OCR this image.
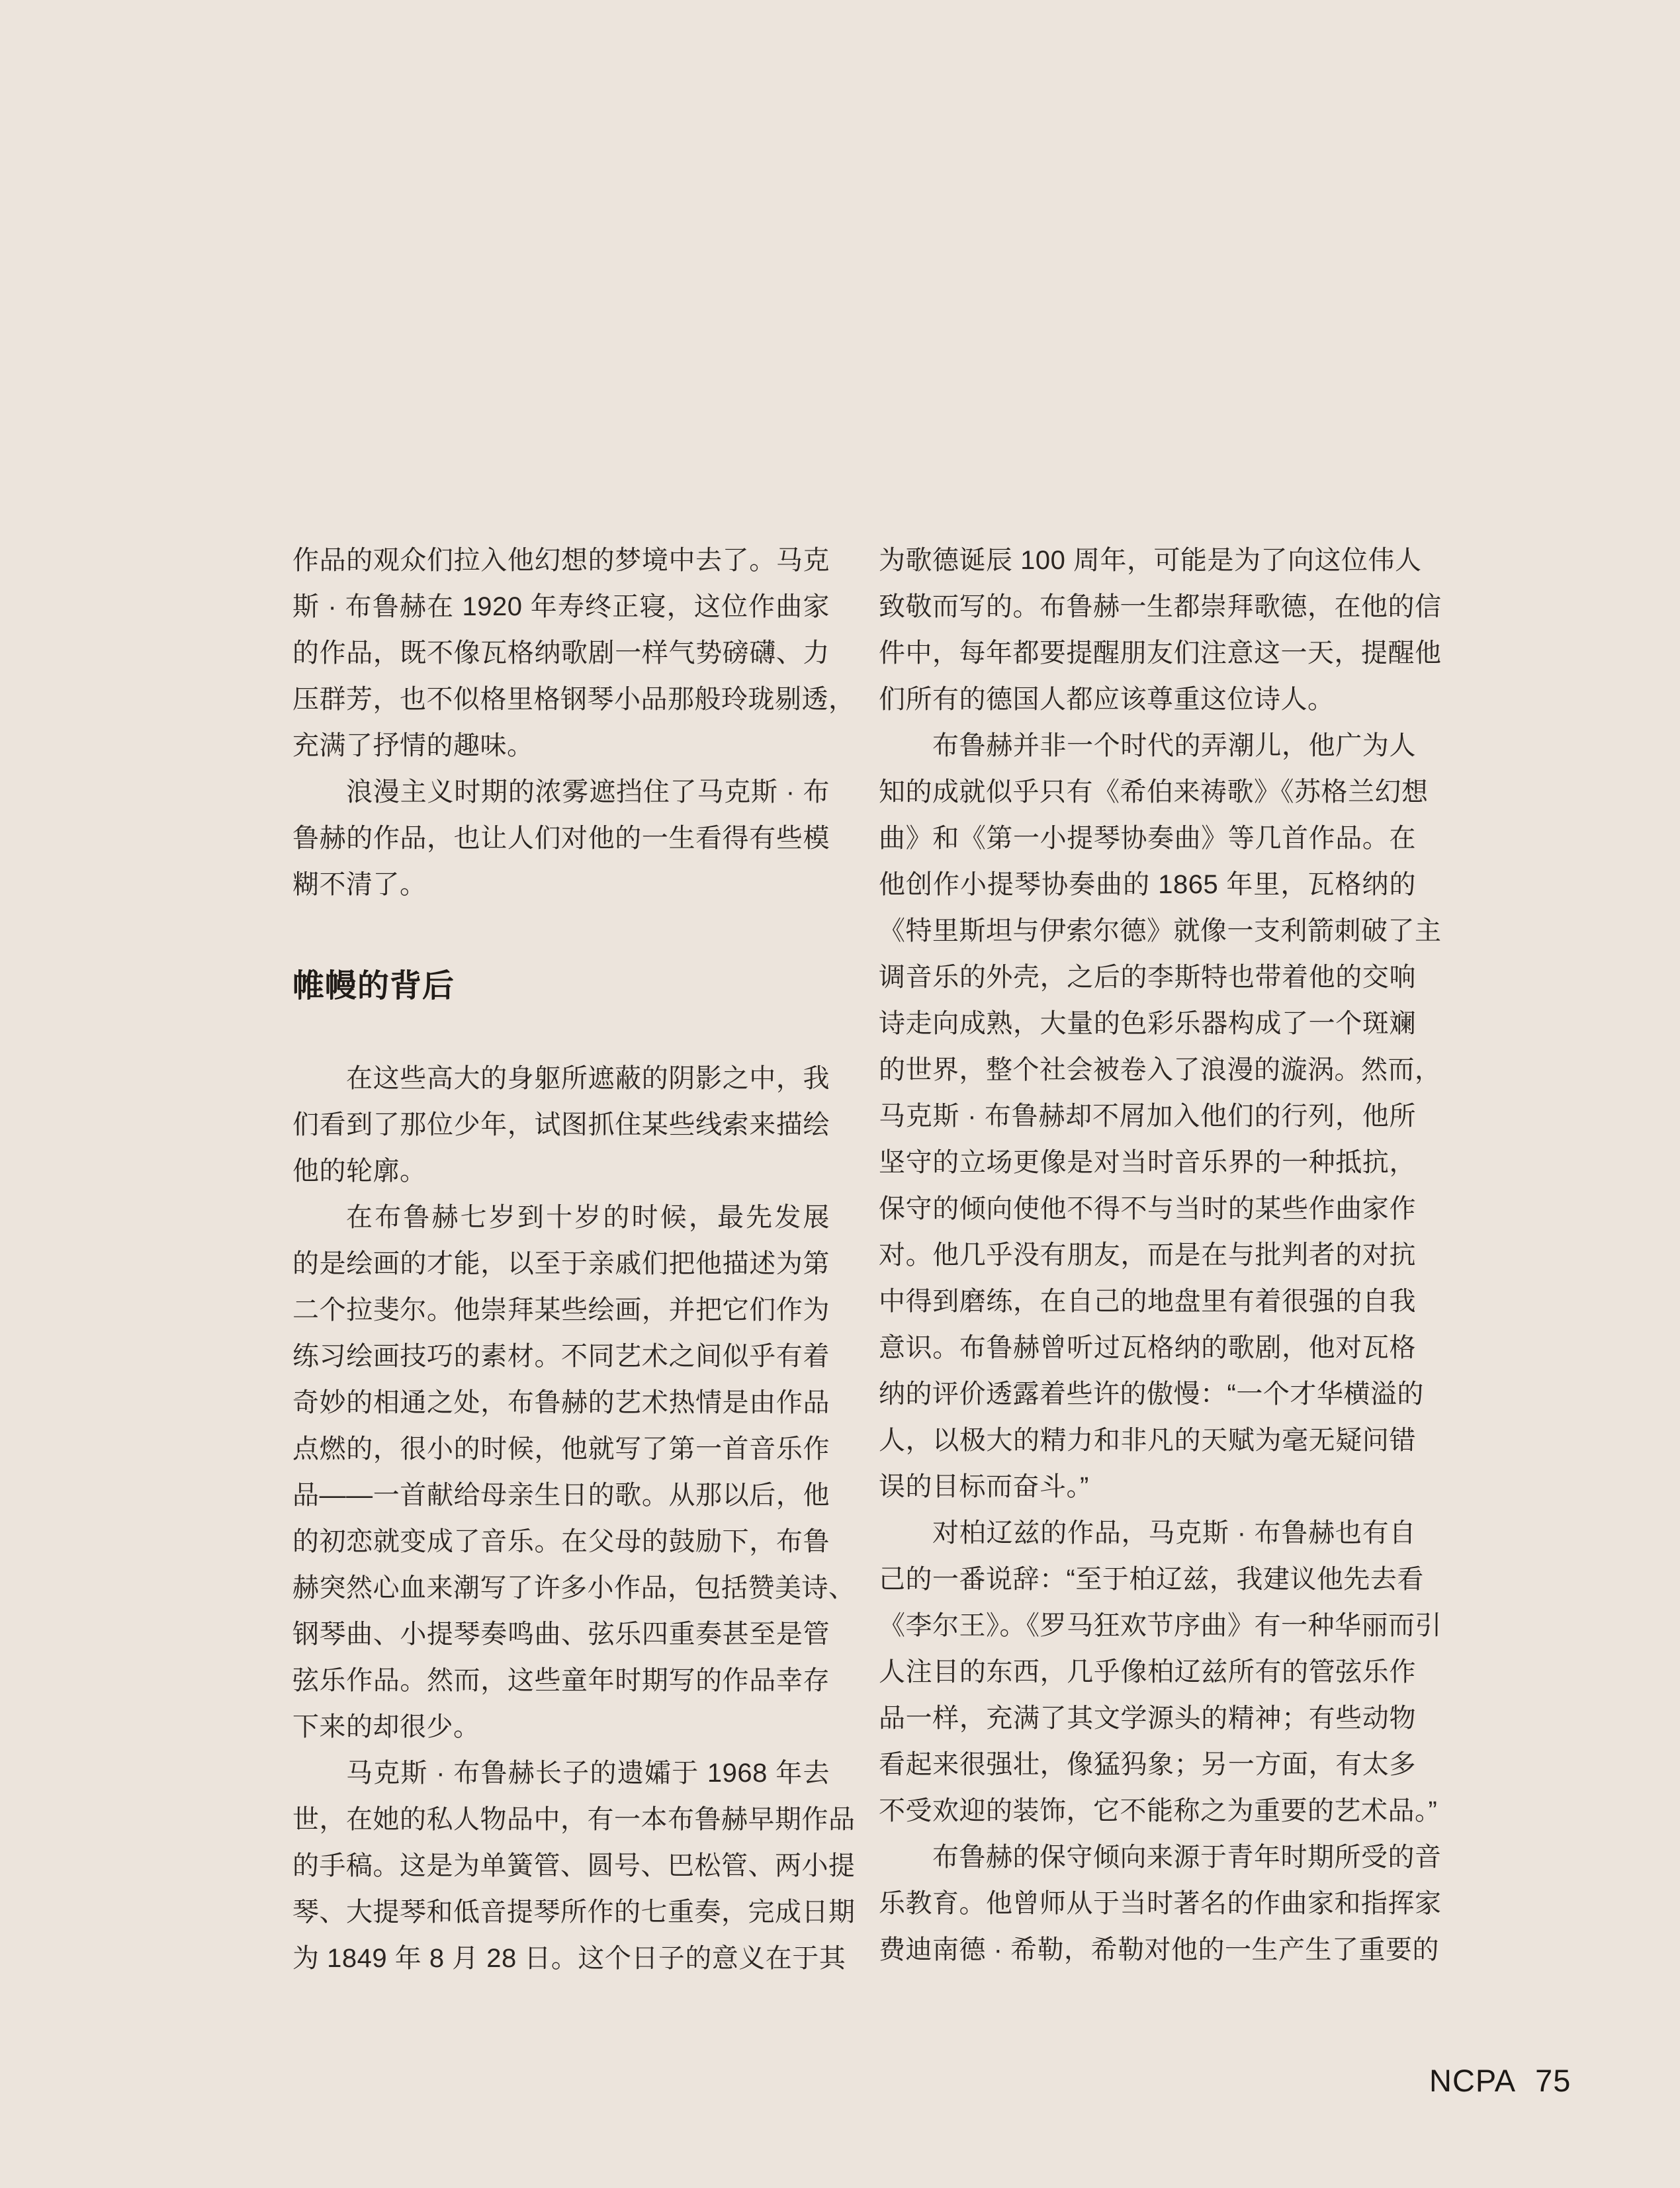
作品的观众们拉入他幻想的梦境中去了。马克
斯 · 布鲁赫在 1920 年寿终正寝，这位作曲家
的作品，既不像瓦格纳歌剧一样气势磅礴、力
压群芳，也不似格里格钢琴小品那般玲珑剔透，
充满了抒情的趣味。
浪漫主义时期的浓雾遮挡住了马克斯 · 布
鲁赫的作品，也让人们对他的一生看得有些模
糊不清了。
帷幔的背后
在这些高大的身躯所遮蔽的阴影之中，我
们看到了那位少年，试图抓住某些线索来描绘
他的轮廓。
在布鲁赫七岁到十岁的时候，最先发展
的是绘画的才能，以至于亲戚们把他描述为第
二个拉斐尔。他崇拜某些绘画，并把它们作为
练习绘画技巧的素材。不同艺术之间似乎有着
奇妙的相通之处，布鲁赫的艺术热情是由作品
点燃的，很小的时候，他就写了第一首音乐作
品——一首献给母亲生日的歌。从那以后，他
的初恋就变成了音乐。在父母的鼓励下，布鲁
赫突然心血来潮写了许多小作品，包括赞美诗、
钢琴曲、小提琴奏鸣曲、弦乐四重奏甚至是管
弦乐作品。然而，这些童年时期写的作品幸存
下来的却很少。
马克斯 · 布鲁赫长子的遗孀于 1968 年去
世，在她的私人物品中，有一本布鲁赫早期作品
的手稿。这是为单簧管、圆号、巴松管、两小提
琴、大提琴和低音提琴所作的七重奏，完成日期
为 1849 年 8 月 28 日。这个日子的意义在于其
为歌德诞辰 100 周年，可能是为了向这位伟人
致敬而写的。布鲁赫一生都崇拜歌德，在他的信
件中，每年都要提醒朋友们注意这一天，提醒他
们所有的德国人都应该尊重这位诗人。
布鲁赫并非一个时代的弄潮儿，他广为人
知的成就似乎只有《希伯来祷歌》《苏格兰幻想
曲》和《第一小提琴协奏曲》等几首作品。在
他创作小提琴协奏曲的 1865 年里，瓦格纳的
《特里斯坦与伊索尔德》就像一支利箭刺破了主
调音乐的外壳，之后的李斯特也带着他的交响
诗走向成熟，大量的色彩乐器构成了一个斑斓
的世界，整个社会被卷入了浪漫的漩涡。然而，
马克斯 · 布鲁赫却不屑加入他们的行列，他所
坚守的立场更像是对当时音乐界的一种抵抗，
保守的倾向使他不得不与当时的某些作曲家作
对。他几乎没有朋友，而是在与批判者的对抗
中得到磨练，在自己的地盘里有着很强的自我
意识。布鲁赫曾听过瓦格纳的歌剧，他对瓦格
纳的评价透露着些许的傲慢：“一个才华横溢的
人，以极大的精力和非凡的天赋为毫无疑问错
误的目标而奋斗。”
对柏辽兹的作品，马克斯 · 布鲁赫也有自
己的一番说辞：“至于柏辽兹，我建议他先去看
《李尔王》。《罗马狂欢节序曲》有一种华丽而引
人注目的东西，几乎像柏辽兹所有的管弦乐作
品一样，充满了其文学源头的精神；有些动物
看起来很强壮，像猛犸象；另一方面，有太多
不受欢迎的装饰，它不能称之为重要的艺术品。”
布鲁赫的保守倾向来源于青年时期所受的音
乐教育。他曾师从于当时著名的作曲家和指挥家
费迪南德 · 希勒，希勒对他的一生产生了重要的
NCPA 75
